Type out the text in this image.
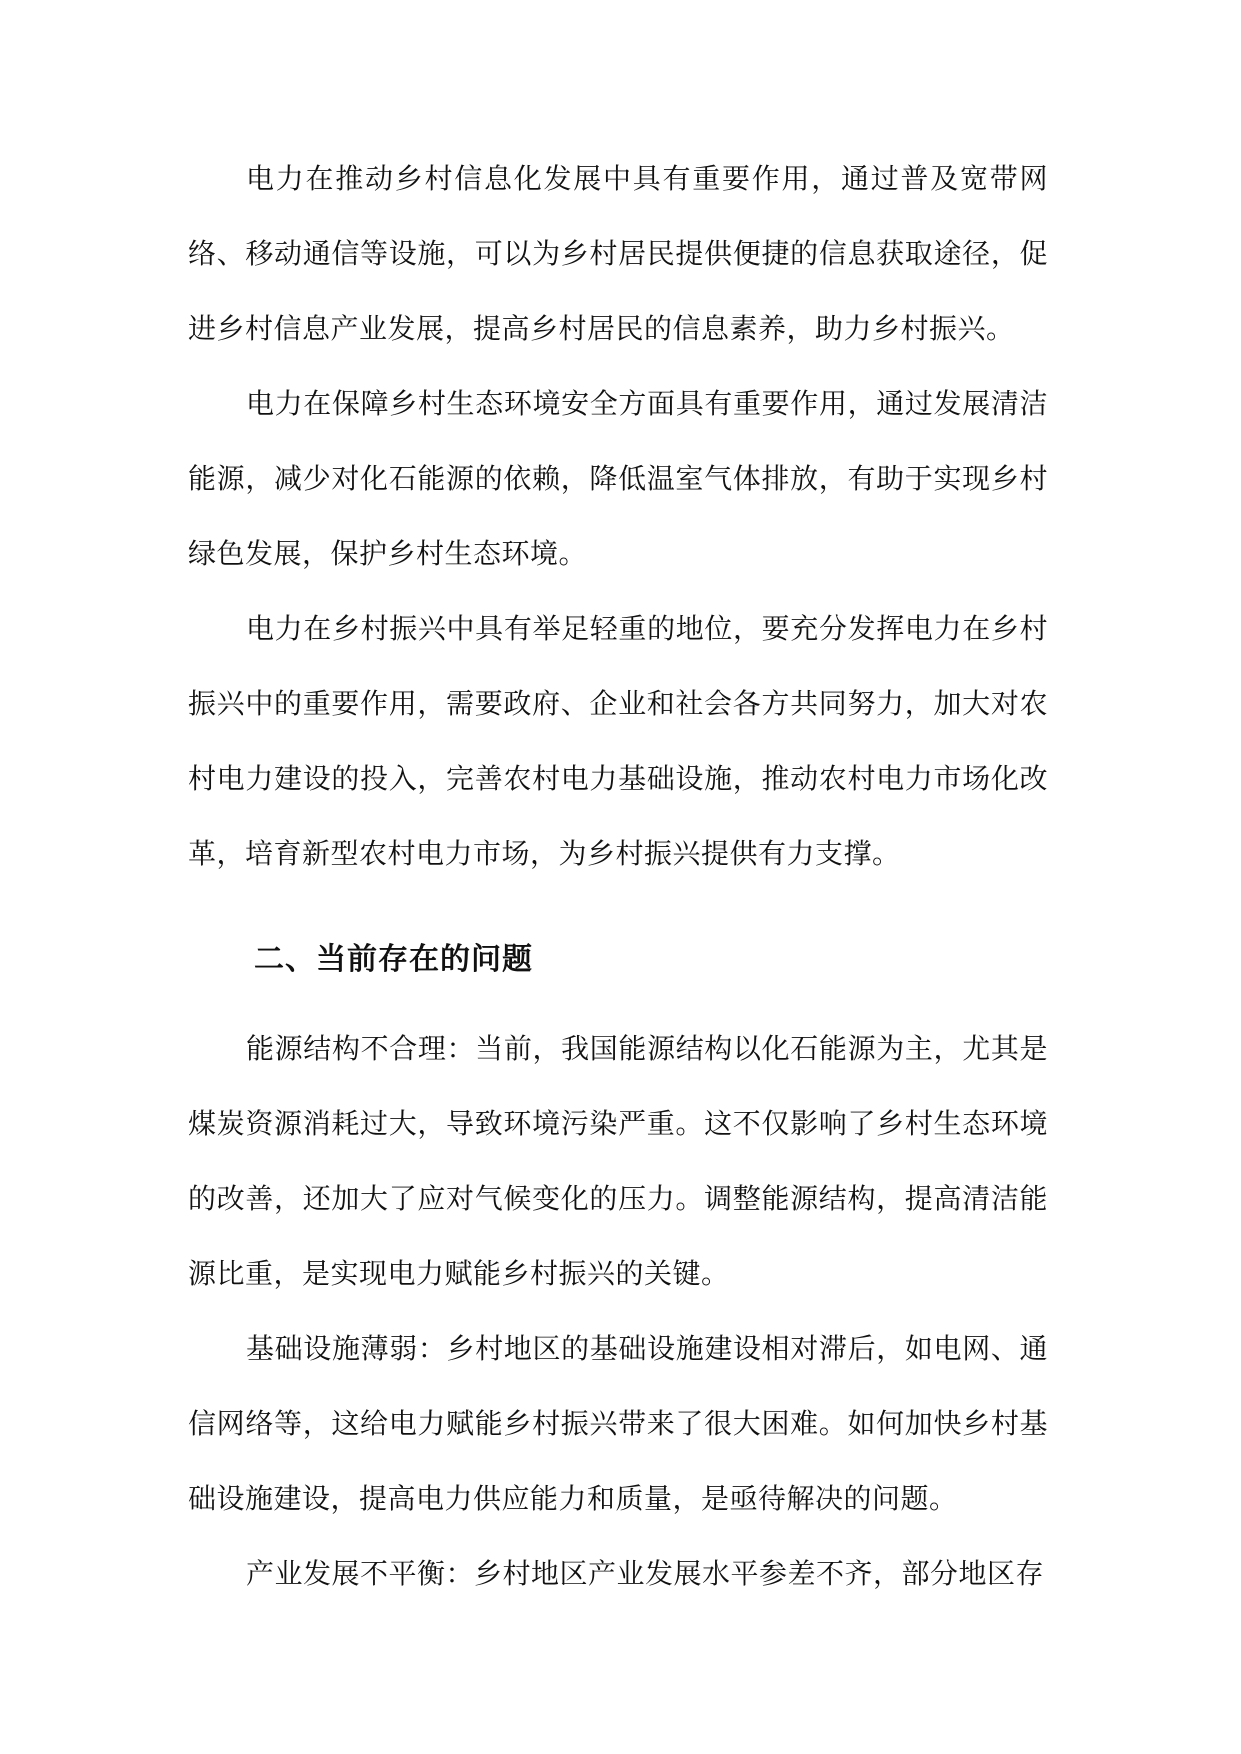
电力在推动乡村信息化发展中具有重要作用，通过普及宽带网络、移动通信等设施，可以为乡村居民提供便捷的信息获取途径，促进乡村信息产业发展，提高乡村居民的信息素养，助力乡村振兴。

电力在保障乡村生态环境安全方面具有重要作用，通过发展清洁能源，减少对化石能源的依赖，降低温室气体排放，有助于实现乡村绿色发展，保护乡村生态环境。

电力在乡村振兴中具有举足轻重的地位，要充分发挥电力在乡村振兴中的重要作用，需要政府、企业和社会各方共同努力，加大对农村电力建设的投入，完善农村电力基础设施，推动农村电力市场化改革，培育新型农村电力市场，为乡村振兴提供有力支撑。

二、当前存在的问题

能源结构不合理：当前，我国能源结构以化石能源为主，尤其是煤炭资源消耗过大，导致环境污染严重。这不仅影响了乡村生态环境的改善，还加大了应对气候变化的压力。调整能源结构，提高清洁能源比重，是实现电力赋能乡村振兴的关键。

基础设施薄弱：乡村地区的基础设施建设相对滞后，如电网、通信网络等，这给电力赋能乡村振兴带来了很大困难。如何加快乡村基础设施建设，提高电力供应能力和质量，是亟待解决的问题。

产业发展不平衡：乡村地区产业发展水平参差不齐，部分地区存
